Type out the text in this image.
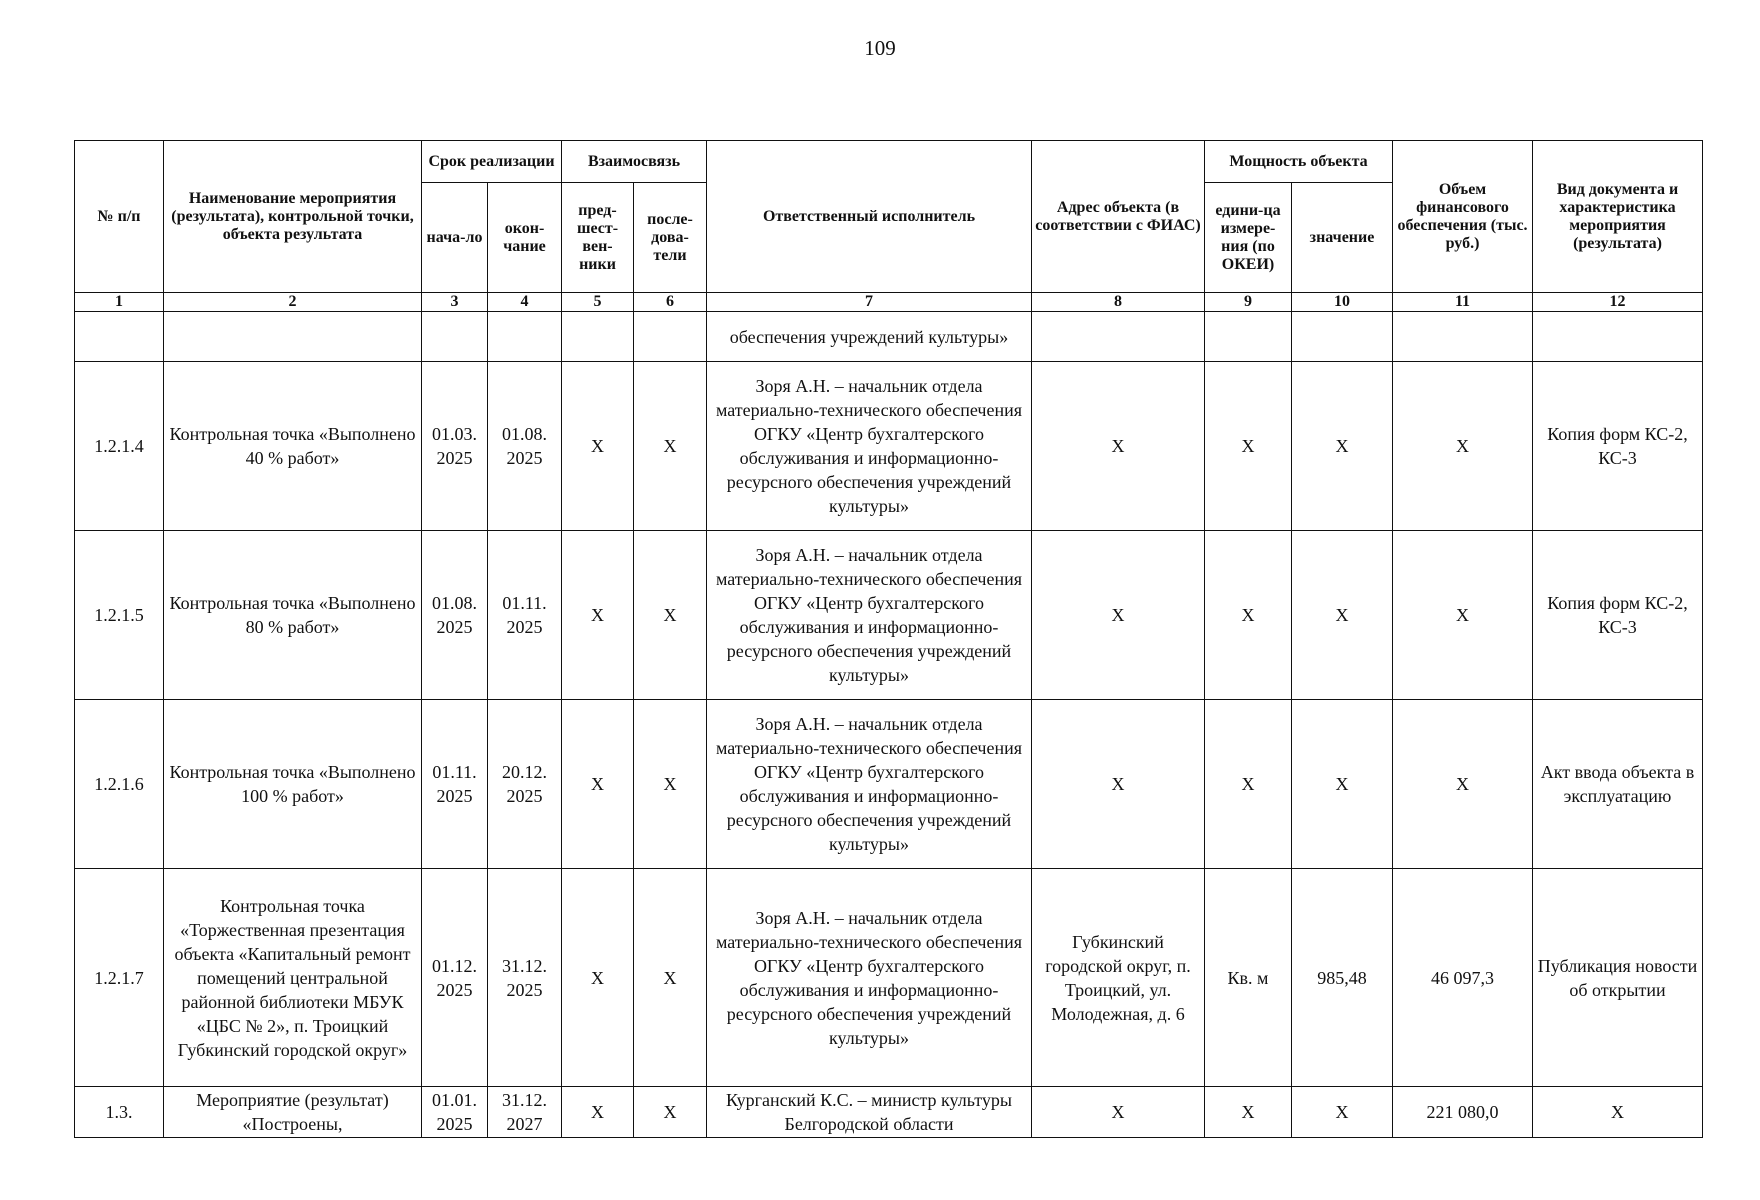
109
№ п/п	Наименование мероприятия (результата), контрольной точки, объекта результата	Срок реализации		Взаимосвязь		Ответственный исполнитель	Адрес объекта (в соответствии с ФИАС)	Мощность объекта		Объем финансового обеспечения (тыс. руб.)	Вид документа и характеристика мероприятия (результата)
		нача-ло	окон-чание	пред-шест-вен-ники	после-дова-тели			едини-ца измере-ния (по ОКЕИ)	значение		
1	2	3	4	5	6	7	8	9	10	11	12
						обеспечения учреждений культуры»					
1.2.1.4	Контрольная точка «Выполнено 40 % работ»	01.03. 2025	01.08. 2025	Х	Х	Зоря А.Н. – начальник отдела материально-технического обеспечения ОГКУ «Центр бухгалтерского обслуживания и информационно-ресурсного обеспечения учреждений культуры»	Х	Х	Х	Х	Копия форм КС-2, КС-3
1.2.1.5	Контрольная точка «Выполнено 80 % работ»	01.08. 2025	01.11. 2025	Х	Х	Зоря А.Н. – начальник отдела материально-технического обеспечения ОГКУ «Центр бухгалтерского обслуживания и информационно-ресурсного обеспечения учреждений культуры»	Х	Х	Х	Х	Копия форм КС-2, КС-3
1.2.1.6	Контрольная точка «Выполнено 100 % работ»	01.11. 2025	20.12. 2025	Х	Х	Зоря А.Н. – начальник отдела материально-технического обеспечения ОГКУ «Центр бухгалтерского обслуживания и информационно-ресурсного обеспечения учреждений культуры»	Х	Х	Х	Х	Акт ввода объекта в эксплуатацию
1.2.1.7	Контрольная точка «Торжественная презентация объекта «Капитальный ремонт помещений центральной районной библиотеки МБУК «ЦБС № 2», п. Троицкий Губкинский городской округ»	01.12. 2025	31.12. 2025	Х	Х	Зоря А.Н. – начальник отдела материально-технического обеспечения ОГКУ «Центр бухгалтерского обслуживания и информационно-ресурсного обеспечения учреждений культуры»	Губкинский городской округ, п. Троицкий, ул. Молодежная, д. 6	Кв. м	985,48	46 097,3	Публикация новости об открытии
1.3.	Мероприятие (результат) «Построены,	01.01. 2025	31.12. 2027	Х	Х	Курганский К.С. – министр культуры Белгородской области	Х	Х	Х	221 080,0	Х
